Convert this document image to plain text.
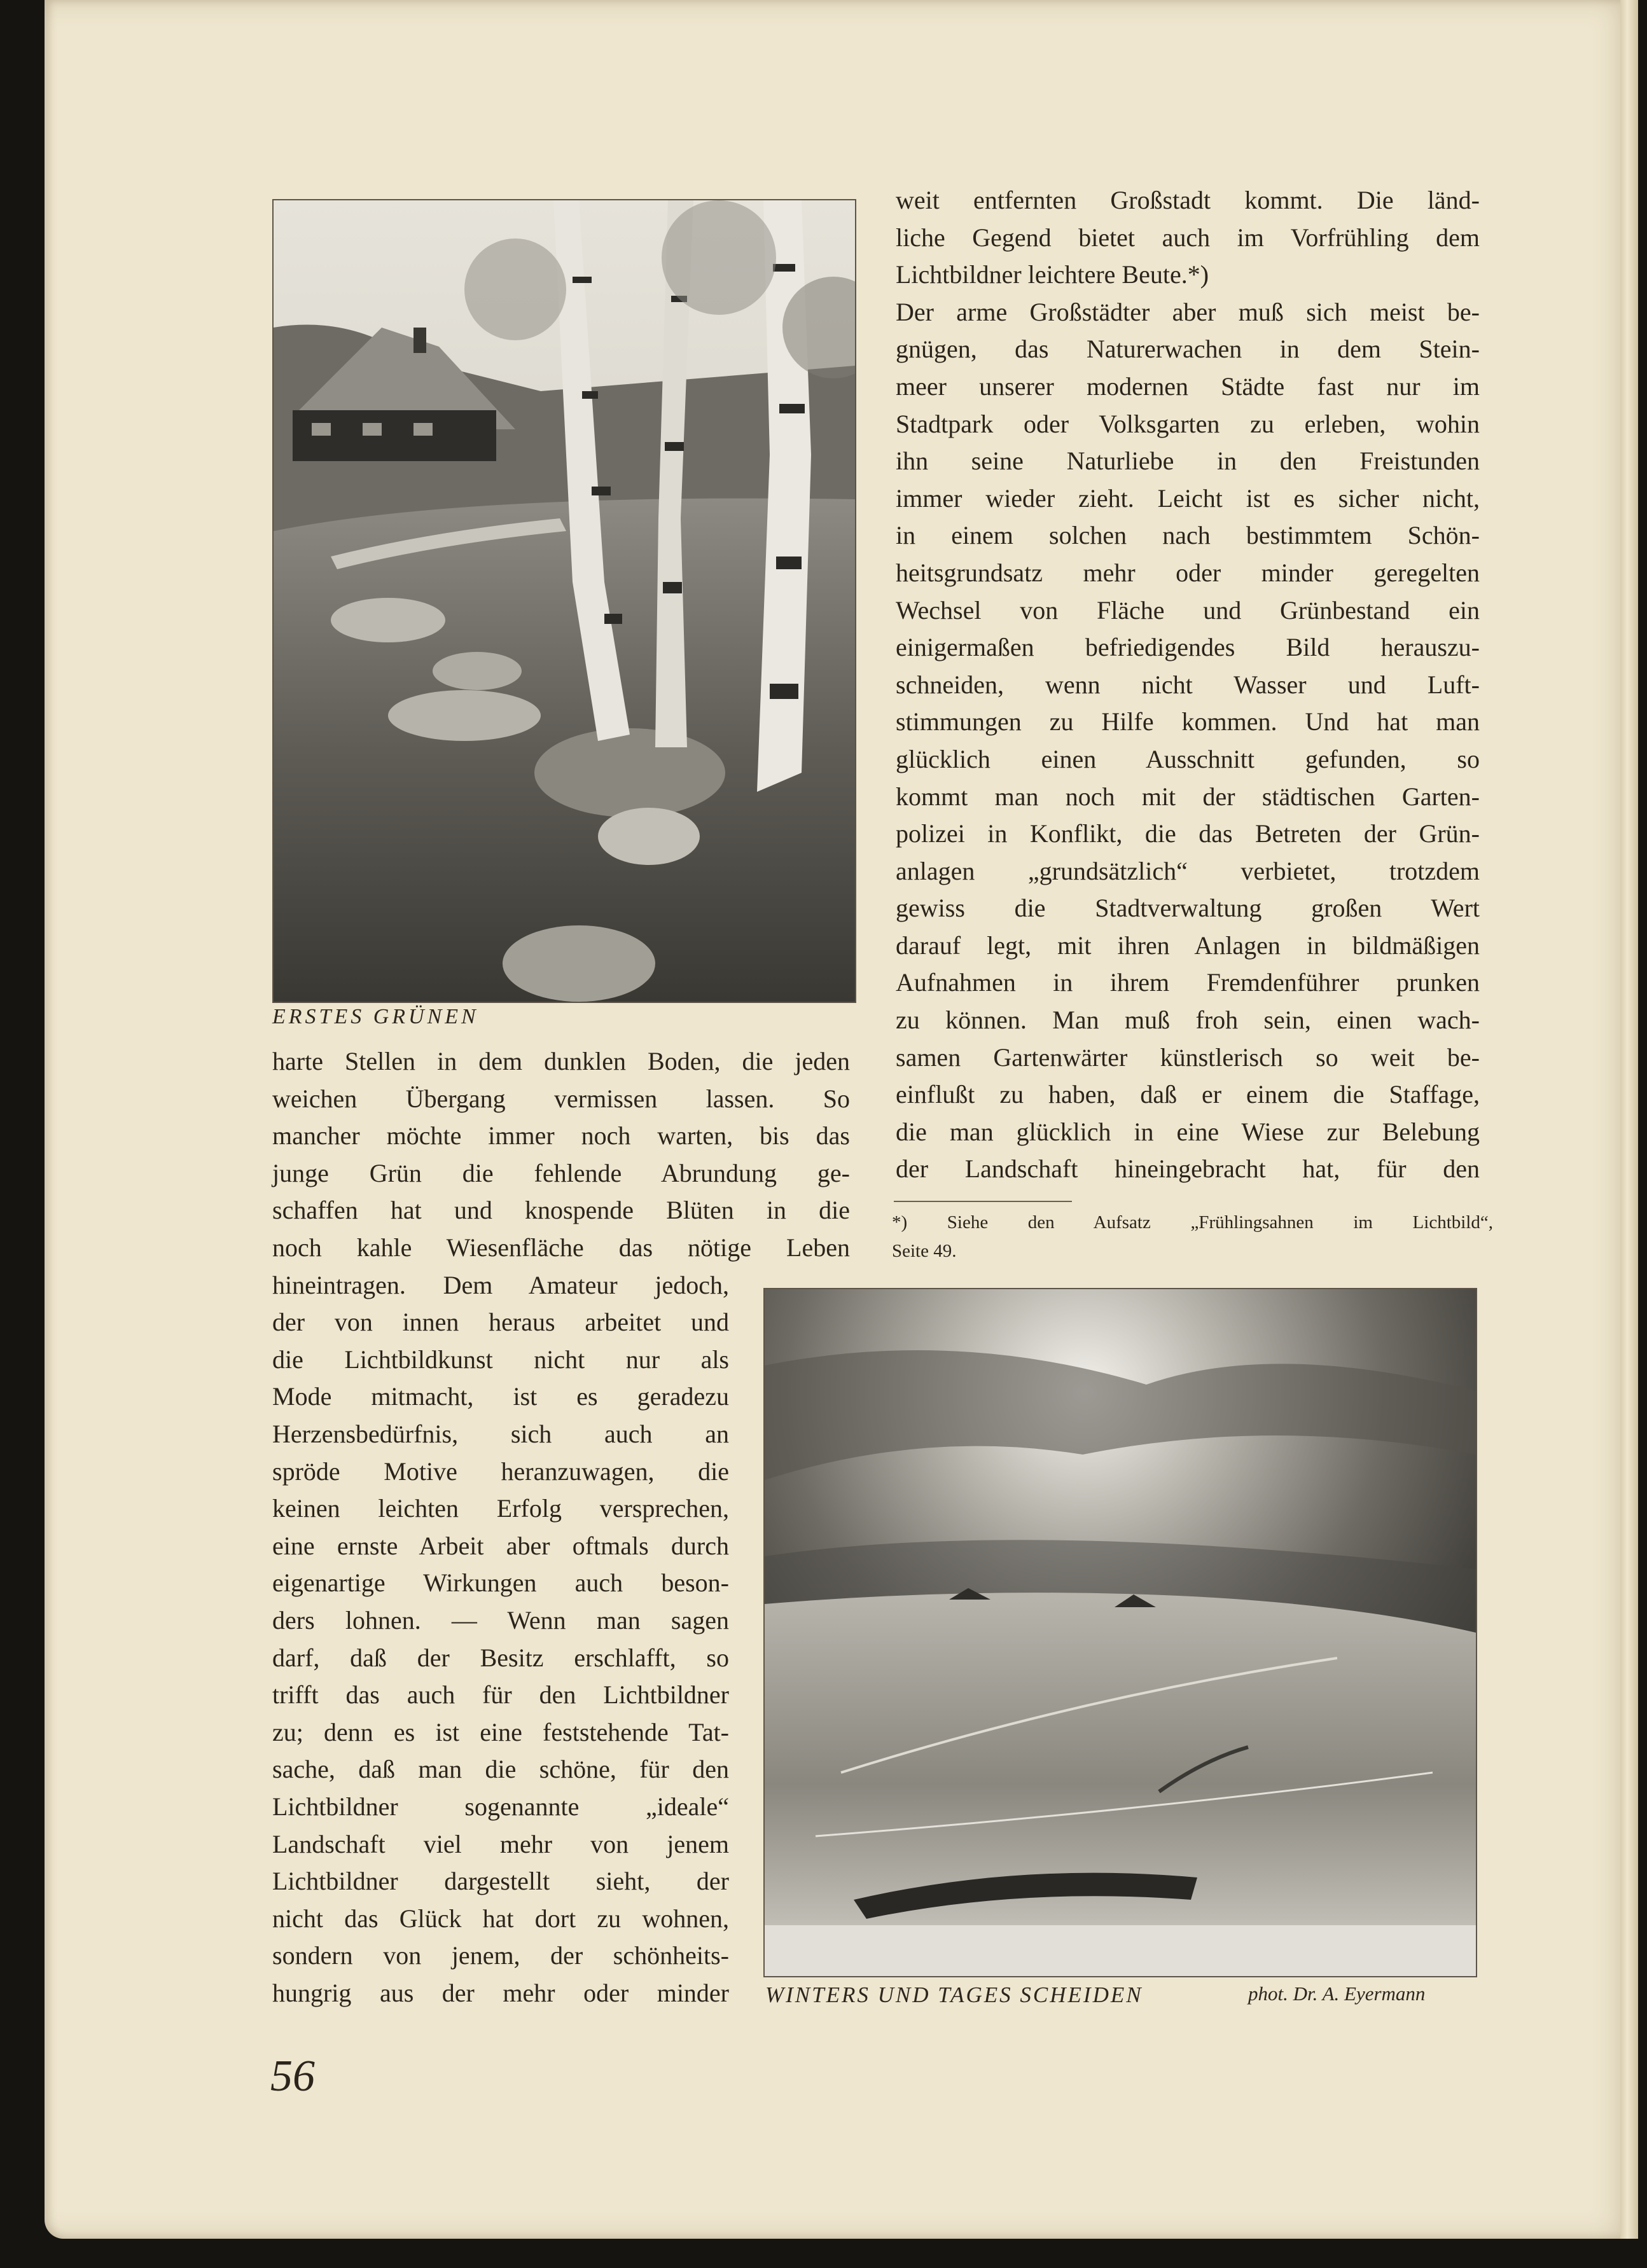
ERSTES GRÜNEN
weit entfernten Großstadt kommt. Die länd-
liche Gegend bietet auch im Vorfrühling dem
Lichtbildner leichtere Beute.*)
Der arme Großstädter aber muß sich meist be-
gnügen, das Naturerwachen in dem Stein-
meer unserer modernen Städte fast nur im
Stadtpark oder Volksgarten zu erleben, wohin
ihn seine Naturliebe in den Freistunden
immer wieder zieht. Leicht ist es sicher nicht,
in einem solchen nach bestimmtem Schön-
heitsgrundsatz mehr oder minder geregelten
Wechsel von Fläche und Grünbestand ein
einigermaßen befriedigendes Bild herauszu-
schneiden, wenn nicht Wasser und Luft-
stimmungen zu Hilfe kommen. Und hat man
glücklich einen Ausschnitt gefunden, so
kommt man noch mit der städtischen Garten-
polizei in Konflikt, die das Betreten der Grün-
anlagen „grundsätzlich“ verbietet, trotzdem
gewiss die Stadtverwaltung großen Wert
darauf legt, mit ihren Anlagen in bildmäßigen
Aufnahmen in ihrem Fremdenführer prunken
zu können. Man muß froh sein, einen wach-
samen Gartenwärter künstlerisch so weit be-
einflußt zu haben, daß er einem die Staffage,
die man glücklich in eine Wiese zur Belebung
der Landschaft hineingebracht hat, für den
*) Siehe den Aufsatz „Frühlingsahnen im Lichtbild“,
Seite 49.
harte Stellen in dem dunklen Boden, die jeden
weichen Übergang vermissen lassen. So
mancher möchte immer noch warten, bis das
junge Grün die fehlende Abrundung ge-
schaffen hat und knospende Blüten in die
noch kahle Wiesenfläche das nötige Leben
hineintragen. Dem Amateur jedoch,
der von innen heraus arbeitet und
die Lichtbildkunst nicht nur als
Mode mitmacht, ist es geradezu
Herzensbedürfnis, sich auch an
spröde Motive heranzuwagen, die
keinen leichten Erfolg versprechen,
eine ernste Arbeit aber oftmals durch
eigenartige Wirkungen auch beson-
ders lohnen. — Wenn man sagen
darf, daß der Besitz erschlafft, so
trifft das auch für den Lichtbildner
zu; denn es ist eine feststehende Tat-
sache, daß man die schöne, für den
Lichtbildner sogenannte „ideale“
Landschaft viel mehr von jenem
Lichtbildner dargestellt sieht, der
nicht das Glück hat dort zu wohnen,
sondern von jenem, der schönheits-
hungrig aus der mehr oder minder WINTERS UND TAGES SCHEIDEN	phot. Dr. A. Eyermann
56
